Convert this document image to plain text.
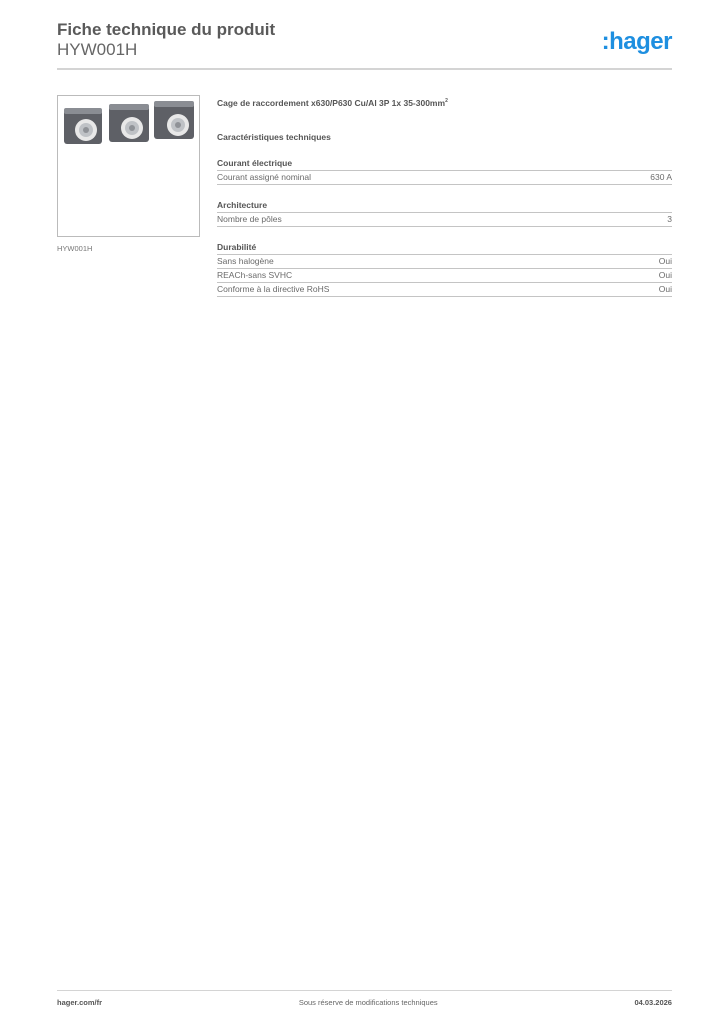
Fiche technique du produit

HYW001H	:hager
HYW001H

Cage de raccordement x630/P630 Cu/Al 3P 1x $35-300mm^2$

Caractéristiques techniques

Courant électrique
Courant assigné nominal	630 A
Architecture
Nombre de pôles	3
Durabilité
Sans halogène	Oui
REACh-sans SVHC	Oui
Conforme à la directive RoHS	Oui
hager.com/fr	Sous réserve de modifications techniques	04.03.2026
